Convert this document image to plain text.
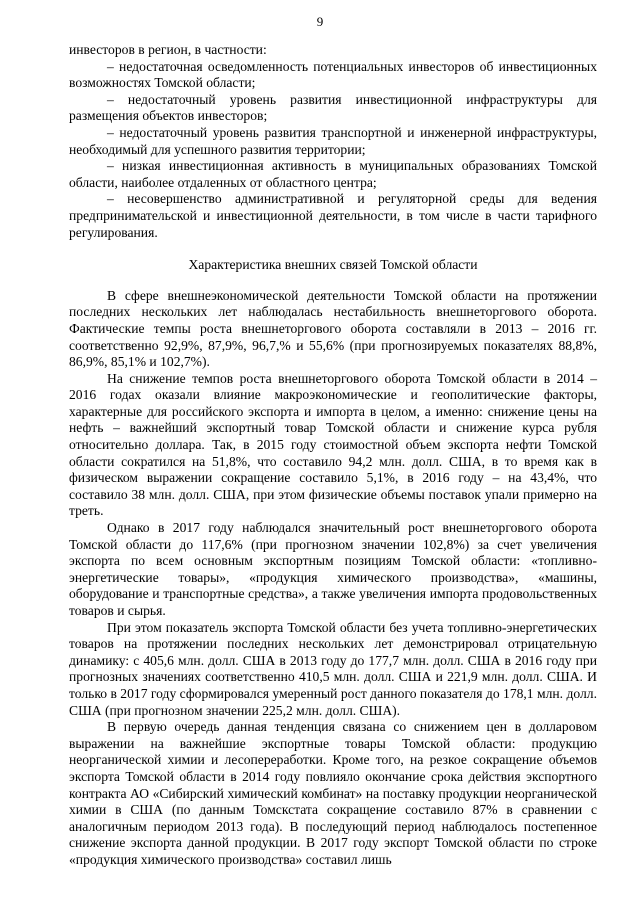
9

инвесторов в регион, в частности:

– недостаточная осведомленность потенциальных инвесторов об инвестиционных возможностях Томской области;

– недостаточный уровень развития инвестиционной инфраструктуры для размещения объектов инвесторов;

– недостаточный уровень развития транспортной и инженерной инфраструктуры, необходимый для успешного развития территории;

– низкая инвестиционная активность в муниципальных образованиях Томской области, наиболее отдаленных от областного центра;

– несовершенство административной и регуляторной среды для ведения предпринимательской и инвестиционной деятельности, в том числе в части тарифного регулирования.

Характеристика внешних связей Томской области

В сфере внешнеэкономической деятельности Томской области на протяжении последних нескольких лет наблюдалась нестабильность внешнеторгового оборота. Фактические темпы роста внешнеторгового оборота составляли в 2013 – 2016 гг. соответственно 92,9%, 87,9%, 96,7,% и 55,6% (при прогнозируемых показателях 88,8%, 86,9%, 85,1% и 102,7%).

На снижение темпов роста внешнеторгового оборота Томской области в 2014 – 2016 годах оказали влияние макроэкономические и геополитические факторы, характерные для российского экспорта и импорта в целом, а именно: снижение цены на нефть – важнейший экспортный товар Томской области и снижение курса рубля относительно доллара. Так, в 2015 году стоимостной объем экспорта нефти Томской области сократился на 51,8%, что составило 94,2 млн. долл. США, в то время как в физическом выражении сокращение составило 5,1%, в 2016 году – на 43,4%, что составило 38 млн. долл. США, при этом физические объемы поставок упали примерно на треть.

Однако в 2017 году наблюдался значительный рост внешнеторгового оборота Томской области до 117,6% (при прогнозном значении 102,8%) за счет увеличения экспорта по всем основным экспортным позициям Томской области: «топливно-энергетические товары», «продукция химического производства», «машины, оборудование и транспортные средства», а также увеличения импорта продовольственных товаров и сырья.

При этом показатель экспорта Томской области без учета топливно-энергетических товаров на протяжении последних нескольких лет демонстрировал отрицательную динамику: с 405,6 млн. долл. США в 2013 году до 177,7 млн. долл. США в 2016 году при прогнозных значениях соответственно 410,5 млн. долл. США и 221,9 млн. долл. США. И только в 2017 году сформировался умеренный рост данного показателя до 178,1 млн. долл. США (при прогнозном значении 225,2 млн. долл. США).

В первую очередь данная тенденция связана со снижением цен в долларовом выражении на важнейшие экспортные товары Томской области: продукцию неорганической химии и лесопереработки. Кроме того, на резкое сокращение объемов экспорта Томской области в 2014 году повлияло окончание срока действия экспортного контракта АО «Сибирский химический комбинат» на поставку продукции неорганической химии в США (по данным Томскстата сокращение составило 87% в сравнении с аналогичным периодом 2013 года). В последующий период наблюдалось постепенное снижение экспорта данной продукции. В 2017 году экспорт Томской области по строке «продукция химического производства» составил лишь
